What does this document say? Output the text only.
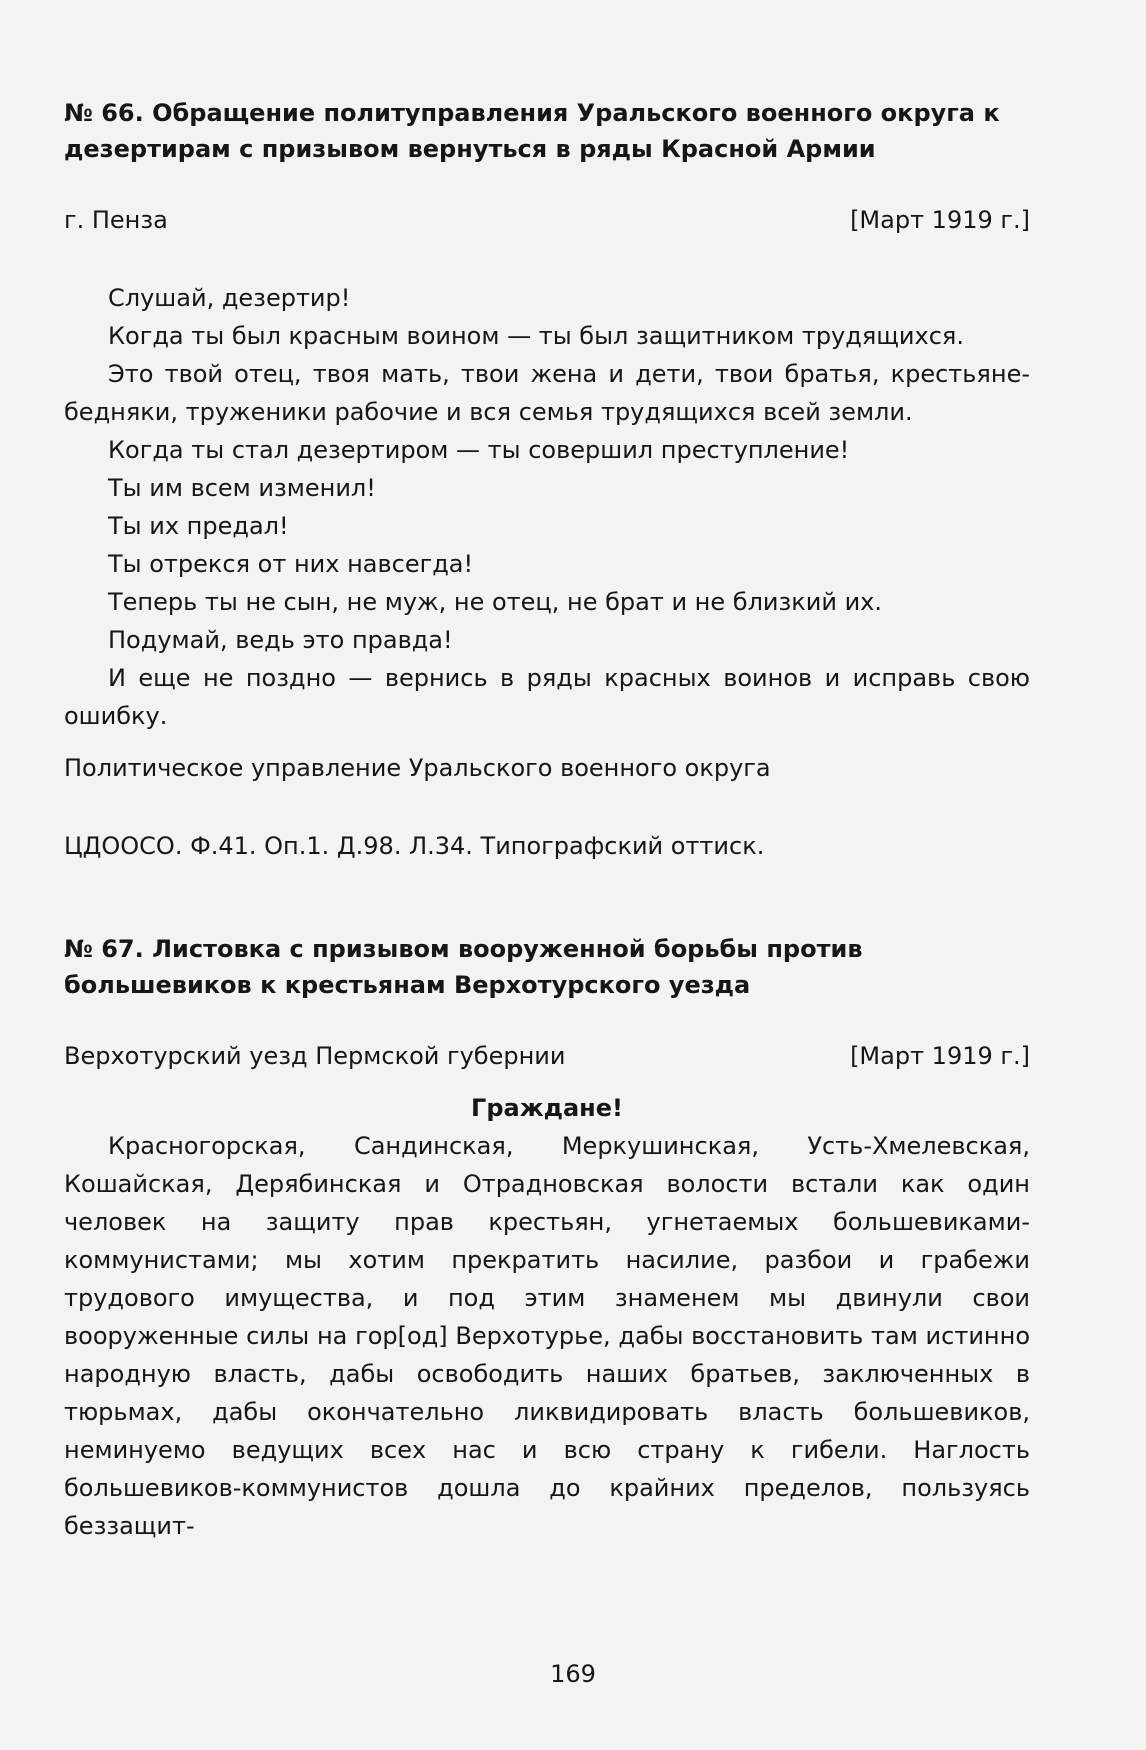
№ 66. Обращение политуправления Уральского военного округа к дезертирам с призывом вернуться в ряды Красной Армии
г. Пенза	[Март 1919 г.]

Слушай, дезертир!

Когда ты был красным воином — ты был защитником трудящихся.

Это твой отец, твоя мать, твои жена и дети, твои братья, крестьяне-бедняки, труженики рабочие и вся семья трудящихся всей земли.

Когда ты стал дезертиром — ты совершил преступление!

Ты им всем изменил!

Ты их предал!

Ты отрекся от них навсегда!

Теперь ты не сын, не муж, не отец, не брат и не близкий их.

Подумай, ведь это правда!

И еще не поздно — вернись в ряды красных воинов и исправь свою ошибку.

Политическое управление Уральского военного округа

ЦДООСО. Ф.41. Оп.1. Д.98. Л.34. Типографский оттиск.

№ 67. Листовка с призывом вооруженной борьбы против большевиков к крестьянам Верхотурского уезда
Верхотурский уезд Пермской губернии	[Март 1919 г.]
Граждане!

Красногорская, Сандинская, Меркушинская, Усть-Хмелевская, Кошайская, Дерябинская и Отрадновская волости встали как один человек на защиту прав крестьян, угнетаемых большевиками-коммунистами; мы хотим прекратить насилие, разбои и грабежи трудового имущества, и под этим знаменем мы двинули свои вооруженные силы на гор[од] Верхотурье, дабы восстановить там истинно народную власть, дабы освободить наших братьев, заключенных в тюрьмах, дабы окончательно ликвидировать власть большевиков, неминуемо ведущих всех нас и всю страну к гибели. Наглость большевиков-коммунистов дошла до крайних пределов, пользуясь беззащит-

169
